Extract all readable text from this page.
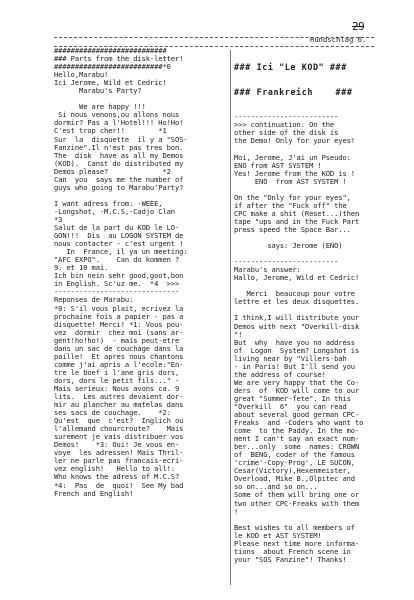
29
Rundschlag 6.
###########################
### Parts from the disk-letter!
##########################*0
Hello,Marabu!
Ici Jerome, Wild et Cedric!
Marabu's Party?
We are happy !!!
Si nous venons,ou allons nous
dormir? Pas a l'Hotel!!! Ho!Ho!
C'est trop cher!!        *1
Sur  la  disquette  il y a "SOS-
Fanzine".Il n'est pas tres bon.
The  disk  have as all my Demos
(KOD).  Canst do distributed my
Demos please?             *2
Can  you  says me the number of
guys who going to Marabu'Party?
I want adress from: -WEEE,
-Longshot, -M.C.S,-Cadjo Clan
*3
Salut de la part du KOD le LO-
GON!!!  Dis  au LOGON SYSTEM de
nous contacter - c'est urgent !
In  France, il ya un meeting:
"AFC EXPO".    Can do kommen ?
9. et 10 mai.
Ich bin nein sehr good,goot,bon
in English. Sc'uz me.  *4  >>>
------------------------------
Reponses de Marabu:
*0: S'il vous plait, ecrivez la
prochaine fois a papier - pas a
disquette! Merci! *1: Vous pou-
vez  dormir  chez moi (sans ar-
gent!ho!ho!)  - mais peut-etre
dans un sac de couchage dans la
paille!  Et apres nous chantons
comme j'ai apris a l'ecole:"En-
tre le boef i l'ane gris dors,
dors, dors le petit fils..." -
Mais serieux: Nous avons ca. 9
lits.  Les autres devaient dor-
mir au plancher au matelas dans
ses sacs de couchage.    *2:
Qu'est  que  c'est?  Inglich ou
l'allemand chourcroute?    Mais
surement je vais distribuer vos
Demos!    *3: Oui! Je vous en-
voye  les adressen! Mais Thril-
ler ne parle pas francais-ecri-
vez english!   Hello to all!:
Who knows the adress of M.C.S?
*4:  Pas  de  quoi!  See My bad
French and English!

### Ici "Le KOD" ###

### Frankreich    ###

-------------------------
>>> continuation: On the
other side of the disk is
the Demo! Only for your eyes!
Moi, Jerome, J'ai un Pseudo:
ENO from AST SYSTEM !
Yes! Jerome from the KOD is !
ENO  from AST SYSTEM !
On the "Only for your eyes",
if after the "Fuck off" the
CPC make a shit (Reset...)then
tape "ups and in the Fuck Part
press speed the Space Bar...
says: Jerome (ENO)
-------------------------
Marabu's answer:
Hallo, Jerome, Wild et Cedric!
Merci  beaucoup pour votre
lettre et les deux disquettes.
I think,I will distribute your
Demos with next "Overkill-disk
"!
But  why  have you no address
of  Logon  System? Longshot is
living near by "Villers-bah
- in Paris! But I'll send you
the address of course!
We are very happy that the Co-
ders  of  KOD will come to our
great "Summer-fete". In this
"Overkill  6"  you can read
about several good german CPC-
Freaks  and -Coders who want to
come  to the Paddy. In the mo-
ment I can't say an exact num-
ber...only  some  names: CROWN
of  BENG, coder of the famous
'crime'-Copy-Prog', LE SUCON,
Cesar(Victory),Hexenmeister,
Overload, Mike B.,Olpitec and
so on...and so on...
Some of them will bring one or
two other CPC-Freaks with them
!
Best wishes to all members of
le KOD et AST SYSTEM!
Please next time more informa-
tions  about French scene in
your "SOS Fanzine"! Thanks!
